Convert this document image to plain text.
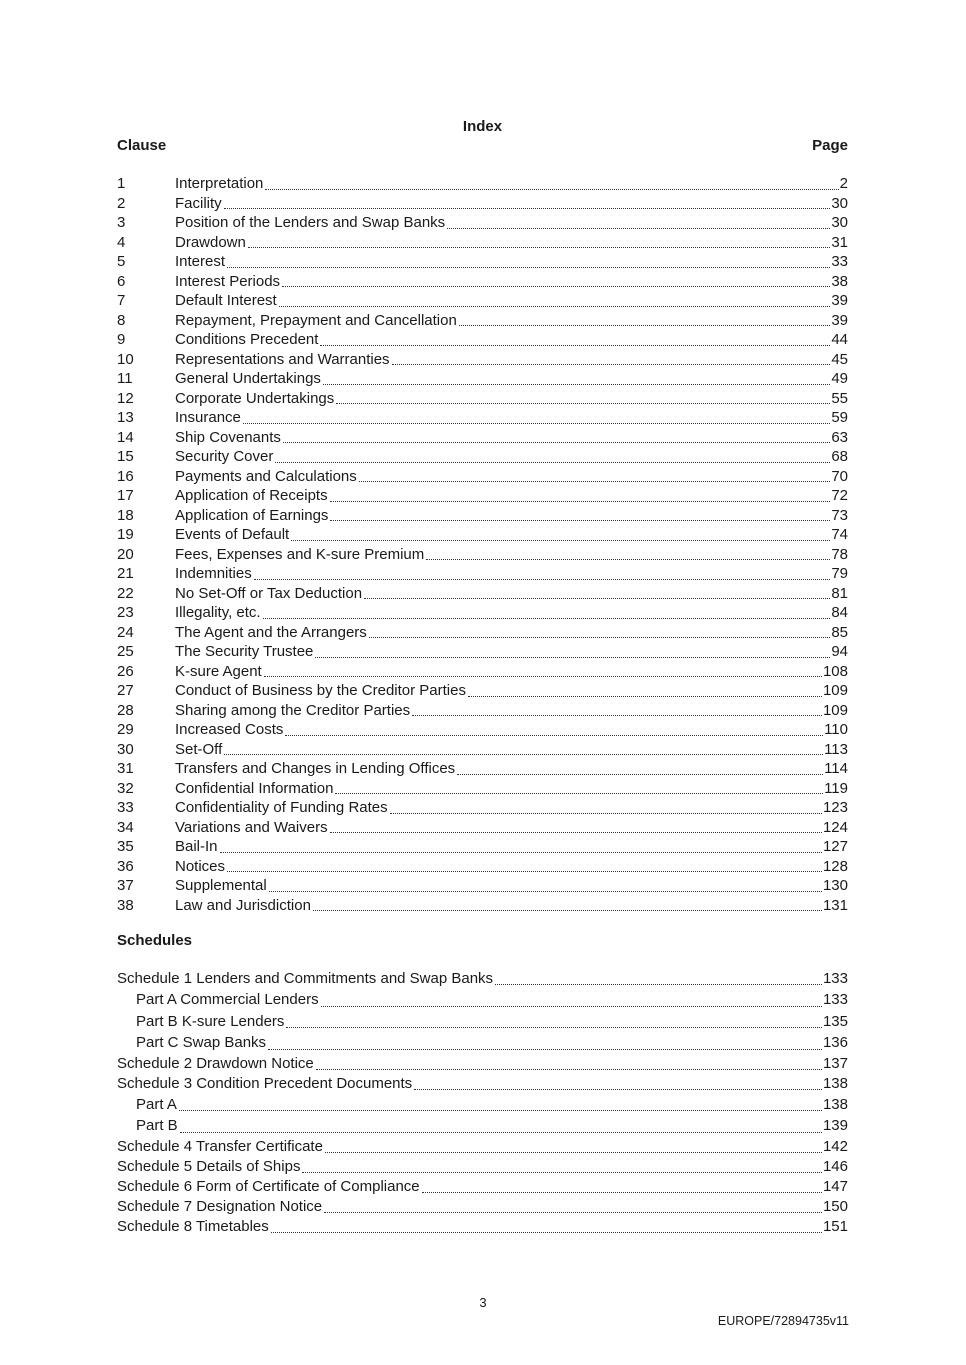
Index
Clause	Page
1	Interpretation	2
2	Facility	30
3	Position of the Lenders and Swap Banks	30
4	Drawdown	31
5	Interest	33
6	Interest Periods	38
7	Default Interest	39
8	Repayment, Prepayment and Cancellation	39
9	Conditions Precedent	44
10	Representations and Warranties	45
11	General Undertakings	49
12	Corporate Undertakings	55
13	Insurance	59
14	Ship Covenants	63
15	Security Cover	68
16	Payments and Calculations	70
17	Application of Receipts	72
18	Application of Earnings	73
19	Events of Default	74
20	Fees, Expenses and K-sure Premium	78
21	Indemnities	79
22	No Set-Off or Tax Deduction	81
23	Illegality, etc.	84
24	The Agent and the Arrangers	85
25	The Security Trustee	94
26	K-sure Agent	108
27	Conduct of Business by the Creditor Parties	109
28	Sharing among the Creditor Parties	109
29	Increased Costs	110
30	Set-Off	113
31	Transfers and Changes in Lending Offices	114
32	Confidential Information	119
33	Confidentiality of Funding Rates	123
34	Variations and Waivers	124
35	Bail-In	127
36	Notices	128
37	Supplemental	130
38	Law and Jurisdiction	131
Schedules
Schedule 1 Lenders and Commitments and Swap Banks	133
Part A Commercial Lenders	133
Part B K-sure Lenders	135
Part C Swap Banks	136
Schedule 2 Drawdown Notice	137
Schedule 3 Condition Precedent Documents	138
Part A	138
Part B	139
Schedule 4 Transfer Certificate	142
Schedule 5 Details of Ships	146
Schedule 6 Form of Certificate of Compliance	147
Schedule 7 Designation Notice	150
Schedule 8 Timetables	151
3
EUROPE/72894735v11
